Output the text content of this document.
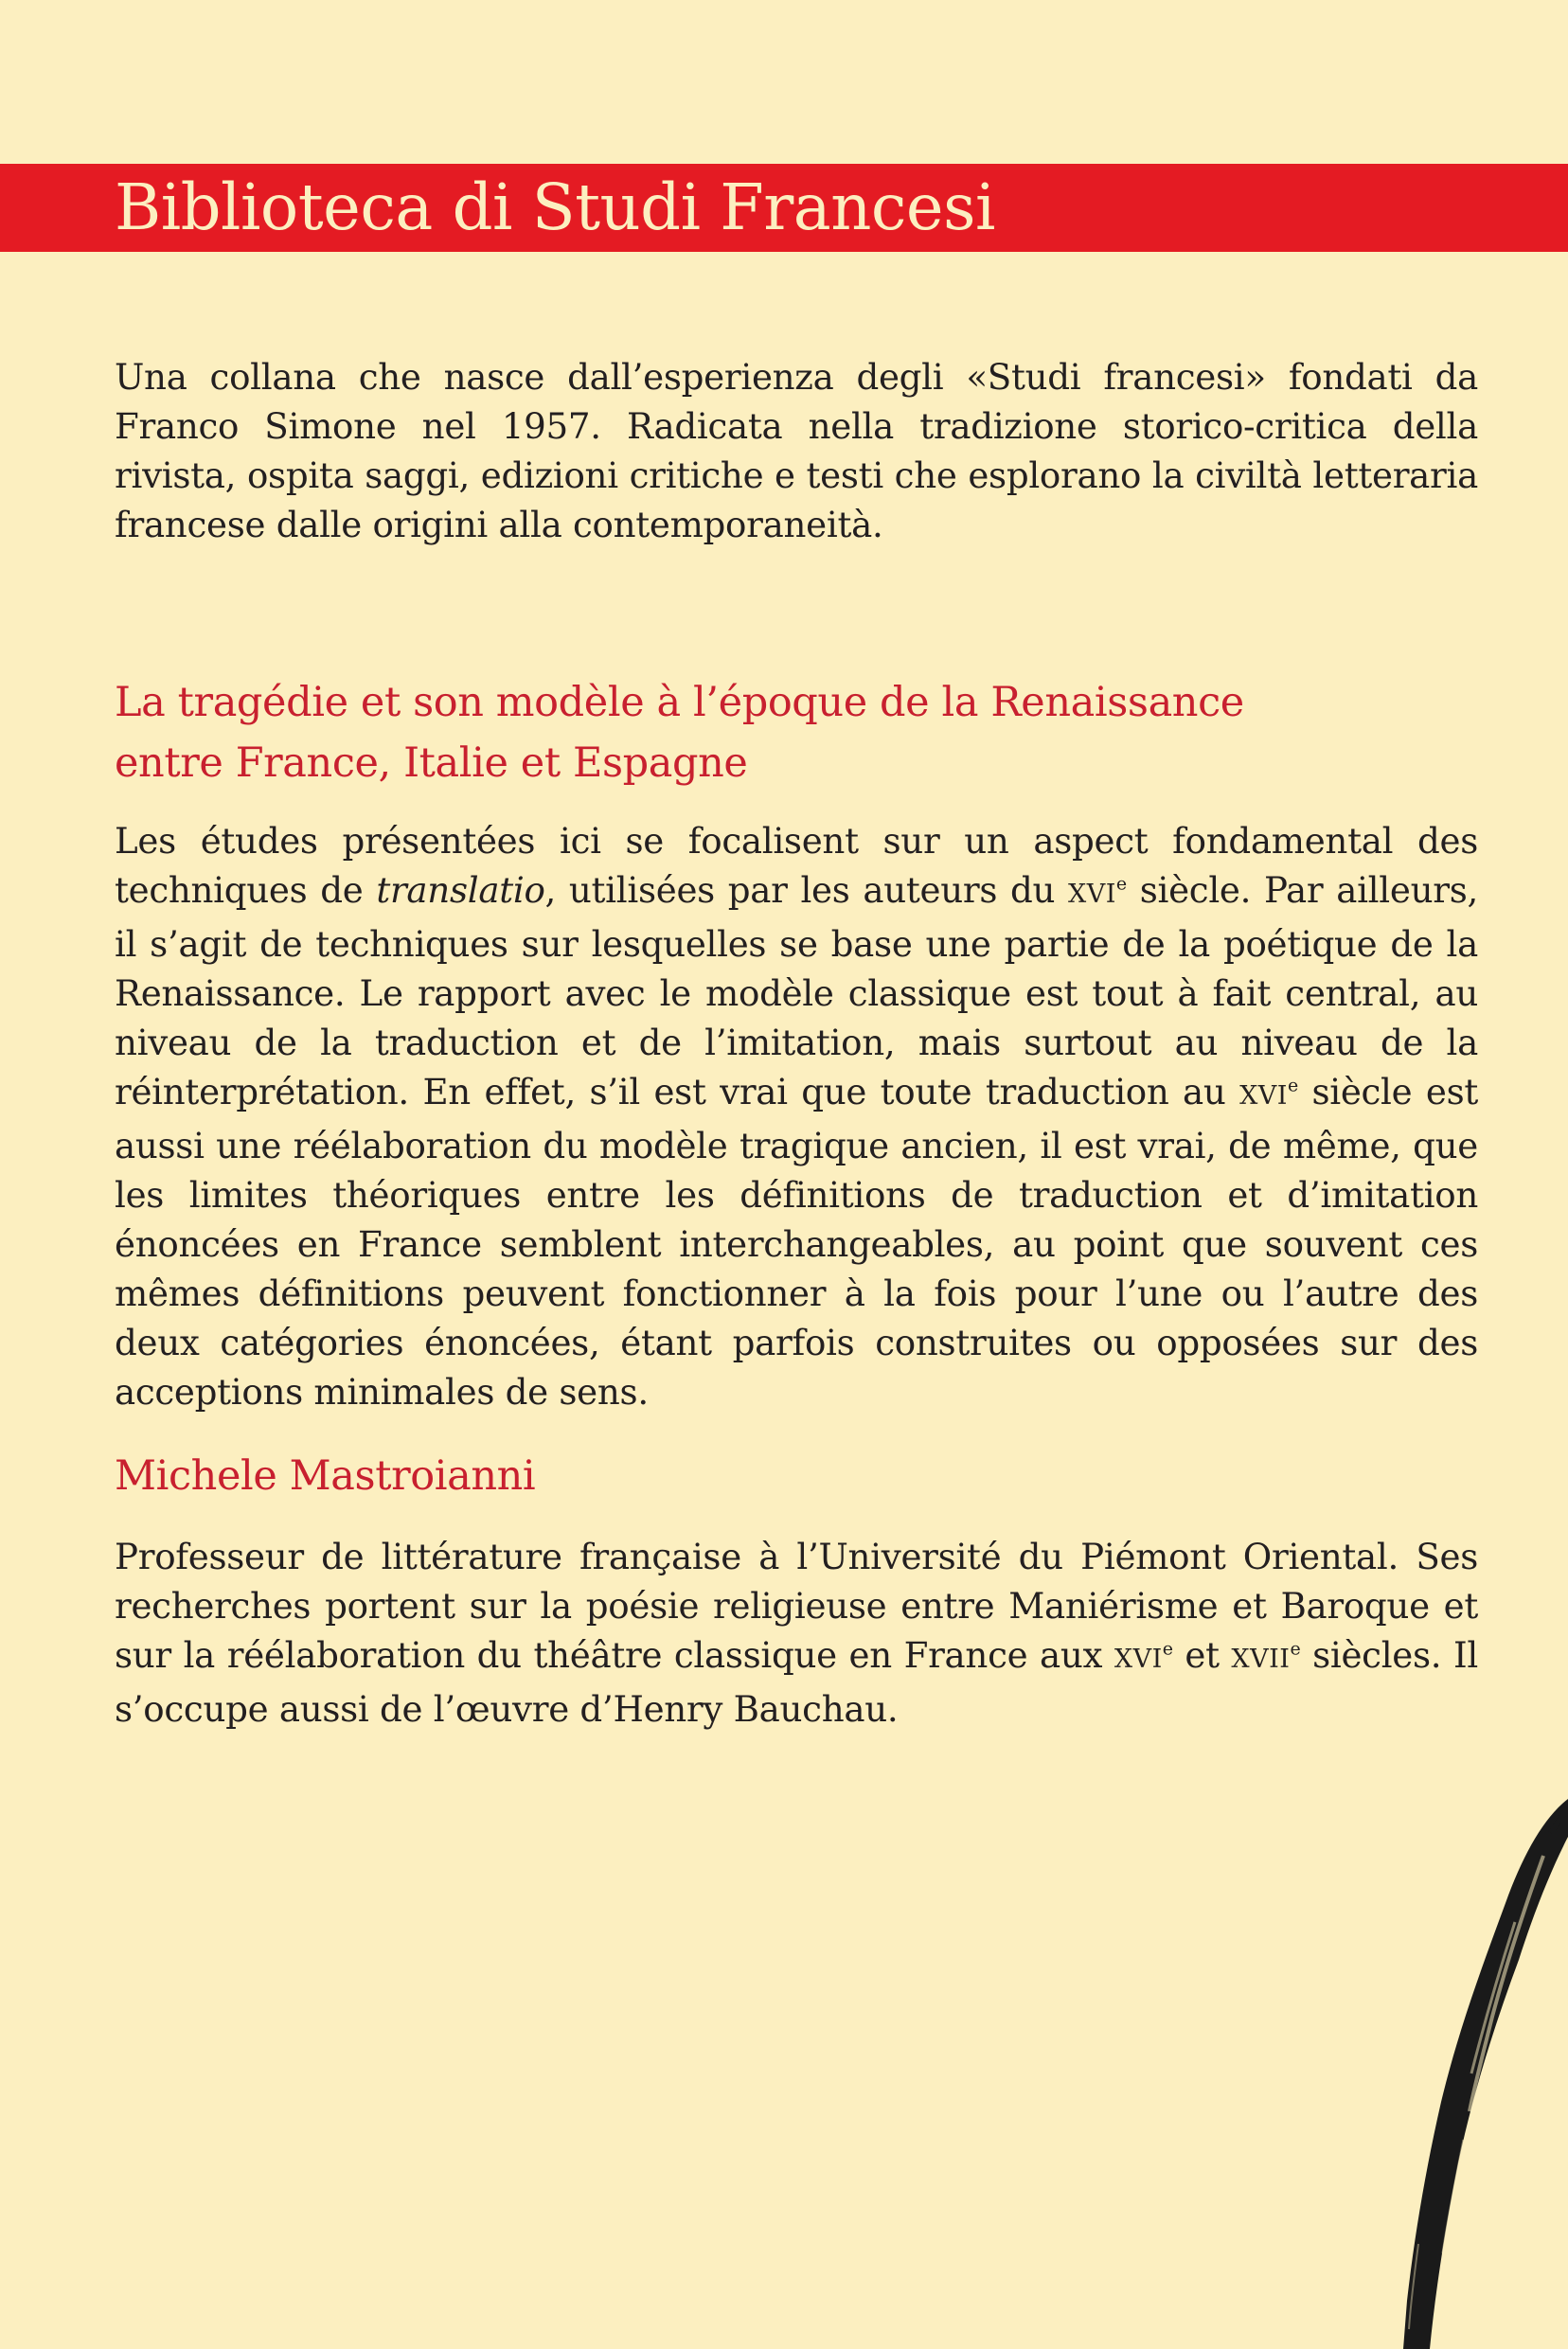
Biblioteca di Studi Francesi

Una collana che nasce dall’esperienza degli «Studi francesi» fondati da Franco Simone nel 1957. Radicata nella tradizione storico-critica della rivista, ospita saggi, edizioni critiche e testi che esplorano la civiltà letteraria francese dalle origini alla contemporaneità.

La tragédie et son modèle à l’époque de la Renaissance
entre France, Italie et Espagne

Les études présentées ici se focalisent sur un aspect fondamental des techniques de translatio, utilisées par les auteurs du XVIe siècle. Par ailleurs, il s’agit de techniques sur lesquelles se base une partie de la poétique de la Renaissance. Le rapport avec le modèle classique est tout à fait central, au niveau de la traduction et de l’imitation, mais surtout au niveau de la réinterprétation. En effet, s’il est vrai que toute traduction au XVIe siècle est aussi une réélaboration du modèle tragique ancien, il est vrai, de même, que les limites théoriques entre les définitions de traduction et d’imitation énoncées en France semblent interchangeables, au point que souvent ces mêmes définitions peuvent fonctionner à la fois pour l’une ou l’autre des deux catégories énoncées, étant parfois construites ou opposées sur des acceptions minimales de sens.

Michele Mastroianni

Professeur de littérature française à l’Université du Piémont Oriental. Ses recherches portent sur la poésie religieuse entre Maniérisme et Baroque et sur la réélaboration du théâtre classique en France aux XVIe et XVIIe siècles. Il s’occupe aussi de l’œuvre d’Henry Bauchau.
